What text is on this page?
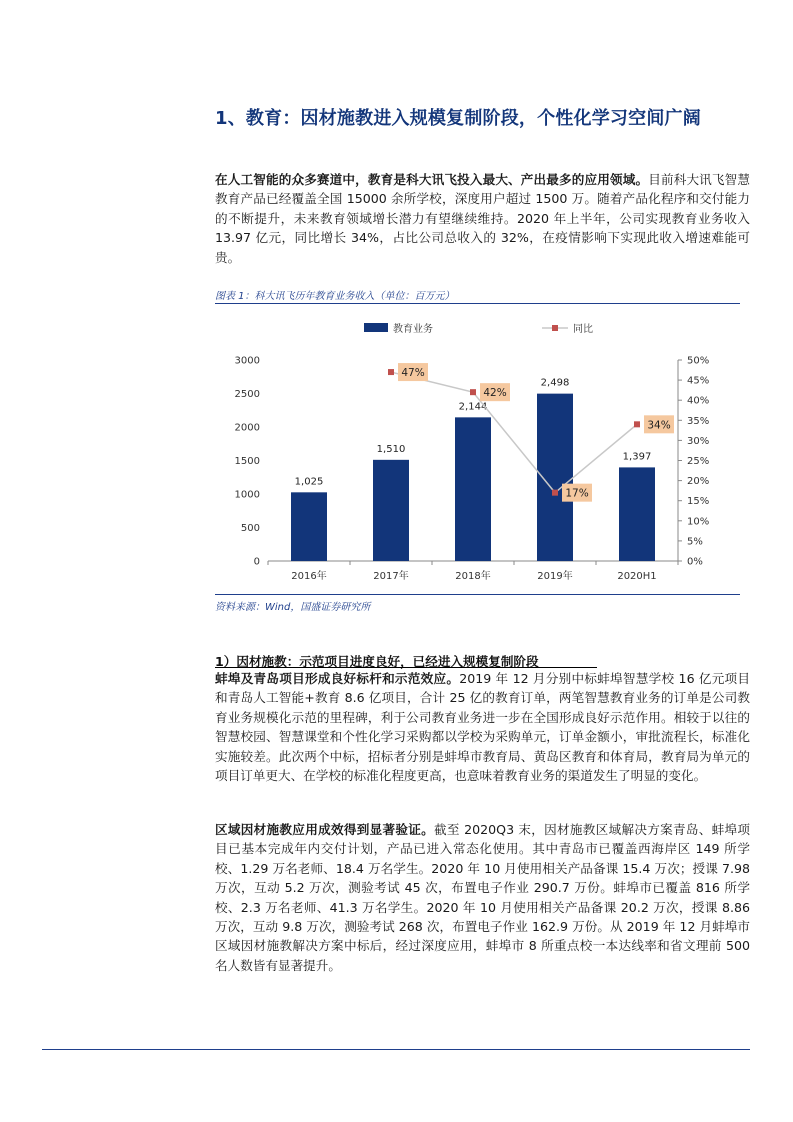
1、教育：因材施教进入规模复制阶段，个性化学习空间广阔
在人工智能的众多赛道中，教育是科大讯飞投入最大、产出最多的应用领域。目前科大讯飞智慧教育产品已经覆盖全国 15000 余所学校，深度用户超过 1500 万。随着产品化程序和交付能力的不断提升，未来教育领域增长潜力有望继续维持。2020 年上半年，公司实现教育业务收入 13.97 亿元，同比增长 34%，占比公司总收入的 32%，在疫情影响下实现此收入增速难能可贵。
图表 1：科大讯飞历年教育业务收入（单位：百万元）
教育业务	同比
0
500
1000
1500
2000
2500
3000
0%
5%
10%
15%
20%
25%
30%
35%
40%
45%
50%
2016年	2017年	2018年	2019年	2020H1
1,025
1,510
2,144
2,498
1,397
47%
42%
17%
34%
资料来源：Wind，国盛证券研究所
1）因材施教：示范项目进度良好，已经进入规模复制阶段
蚌埠及青岛项目形成良好标杆和示范效应。2019 年 12 月分别中标蚌埠智慧学校 16 亿元项目和青岛人工智能+教育 8.6 亿项目，合计 25 亿的教育订单，两笔智慧教育业务的订单是公司教育业务规模化示范的里程碑，利于公司教育业务进一步在全国形成良好示范作用。相较于以往的智慧校园、智慧课堂和个性化学习采购都以学校为采购单元，订单金额小，审批流程长，标准化实施较差。此次两个中标，招标者分别是蚌埠市教育局、黄岛区教育和体育局，教育局为单元的项目订单更大、在学校的标准化程度更高，也意味着教育业务的渠道发生了明显的变化。
区域因材施教应用成效得到显著验证。截至 2020Q3 末，因材施教区域解决方案青岛、蚌埠项目已基本完成年内交付计划，产品已进入常态化使用。其中青岛市已覆盖西海岸区 149 所学校、1.29 万名老师、18.4 万名学生。2020 年 10 月使用相关产品备课 15.4 万次；授课 7.98 万次，互动 5.2 万次，测验考试 45 次，布置电子作业 290.7 万份。蚌埠市已覆盖 816 所学校、2.3 万名老师、41.3 万名学生。2020 年 10 月使用相关产品备课 20.2 万次，授课 8.86 万次，互动 9.8 万次，测验考试 268 次，布置电子作业 162.9 万份。从 2019 年 12 月蚌埠市区域因材施教解决方案中标后，经过深度应用，蚌埠市 8 所重点校一本达线率和省文理前 500 名人数皆有显著提升。
